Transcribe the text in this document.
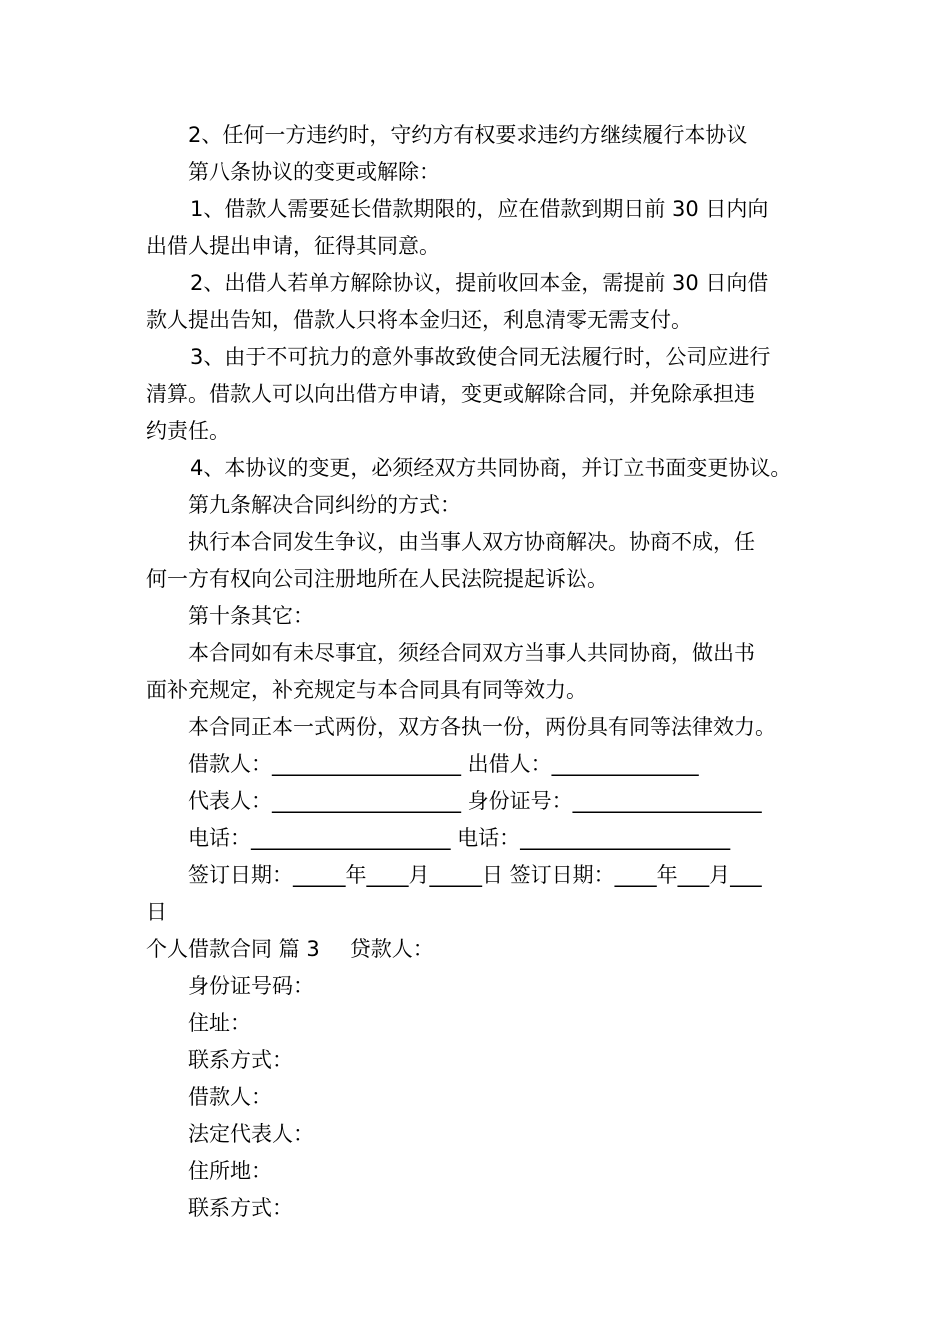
2、任何一方违约时，守约方有权要求违约方继续履行本协议
第八条协议的变更或解除：
1、借款人需要延长借款期限的，应在借款到期日前 30 日内向
出借人提出申请，征得其同意。
2、出借人若单方解除协议，提前收回本金，需提前 30 日向借
款人提出告知，借款人只将本金归还，利息清零无需支付。
3、由于不可抗力的意外事故致使合同无法履行时，公司应进行
清算。借款人可以向出借方申请，变更或解除合同，并免除承担违
约责任。
4、本协议的变更，必须经双方共同协商，并订立书面变更协议。
第九条解决合同纠纷的方式：
执行本合同发生争议，由当事人双方协商解决。协商不成，任
何一方有权向公司注册地所在人民法院提起诉讼。
第十条其它：
本合同如有未尽事宜，须经合同双方当事人共同协商，做出书
面补充规定，补充规定与本合同具有同等效力。
本合同正本一式两份，双方各执一份，两份具有同等法律效力。
借款人：__________________ 出借人：______________
代表人：__________________ 身份证号：__________________
电话：___________________ 电话：____________________
签订日期：_____年____月_____日 签订日期：____年___月___
日
个人借款合同 篇 3 贷款人：
身份证号码：
住址：
联系方式：
借款人：
法定代表人：
住所地：
联系方式：
